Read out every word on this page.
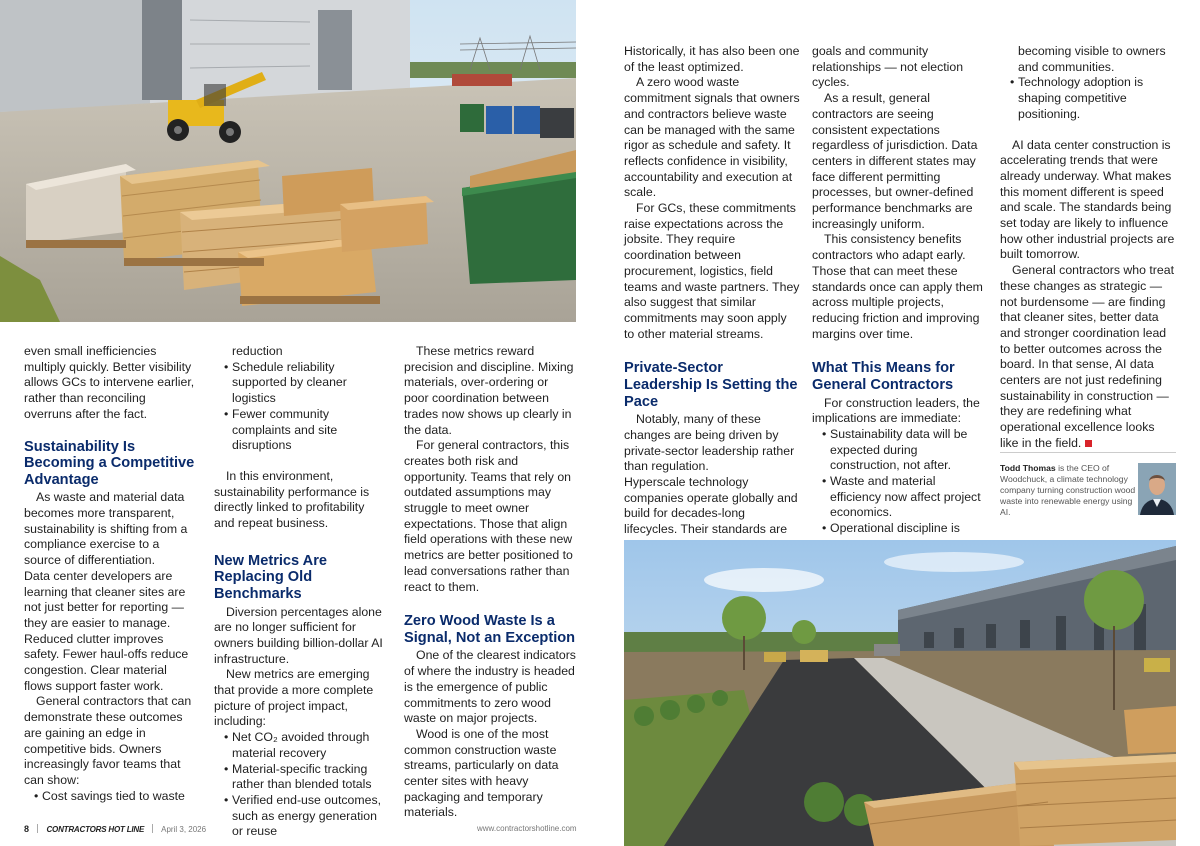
even small inefficiencies multiply quickly. Better visibility allows GCs to intervene earlier, rather than reconciling overruns after the fact.

Sustainability Is Becoming a Competitive Advantage

As waste and material data becomes more transparent, sustainability is shifting from a compliance exercise to a source of differentiation.

Data center developers are learning that cleaner sites are not just better for reporting — they are easier to manage. Reduced clutter improves safety. Fewer haul-offs reduce congestion. Clear material flows support faster work.

General contractors that can demonstrate these outcomes are gaining an edge in competitive bids. Owners increasingly favor teams that can show:

• Cost savings tied to waste
reduction
• Schedule reliability supported by cleaner logistics
• Fewer community complaints and site disruptions

In this environment, sustainability performance is directly linked to profitability and repeat business.

New Metrics Are Replacing Old Benchmarks

Diversion percentages alone are no longer sufficient for owners building billion-dollar AI infrastructure.

New metrics are emerging that provide a more complete picture of project impact, including:

• Net CO₂ avoided through material recovery
• Material-specific tracking rather than blended totals
• Verified end-use outcomes, such as energy generation or reuse

These metrics reward precision and discipline. Mixing materials, over-ordering or poor coordination between trades now shows up clearly in the data.

For general contractors, this creates both risk and opportunity. Teams that rely on outdated assumptions may struggle to meet owner expectations. Those that align field operations with these new metrics are better positioned to lead conversations rather than react to them.

Zero Wood Waste Is a Signal, Not an Exception

One of the clearest indicators of where the industry is headed is the emergence of public commitments to zero wood waste on major projects.

Wood is one of the most common construction waste streams, particularly on data center sites with heavy packaging and temporary materials.

8 CONTRACTORS HOT LINE April 3, 2026	www.contractorshotline.com

Historically, it has also been one of the least optimized.

A zero wood waste commitment signals that owners and contractors believe waste can be managed with the same rigor as schedule and safety. It reflects confidence in visibility, accountability and execution at scale.

For GCs, these commitments raise expectations across the jobsite. They require coordination between procurement, logistics, field teams and waste partners. They also suggest that similar commitments may soon apply to other material streams.

Private-Sector Leadership Is Setting the Pace

Notably, many of these changes are being driven by private-sector leadership rather than regulation.

Hyperscale technology companies operate globally and build for decades-long lifecycles. Their standards are

goals and community relationships — not election cycles.

As a result, general contractors are seeing consistent expectations regardless of jurisdiction. Data centers in different states may face different permitting processes, but owner-defined performance benchmarks are increasingly uniform.

This consistency benefits contractors who adapt early. Those that can meet these standards once can apply them across multiple projects, reducing friction and improving margins over time.

What This Means for General Contractors

For construction leaders, the implications are immediate:

• Sustainability data will be expected during construction, not after.
• Waste and material efficiency now affect project economics.
• Operational discipline is
becoming visible to owners and communities.
• Technology adoption is shaping competitive positioning.

AI data center construction is accelerating trends that were already underway. What makes this moment different is speed and scale. The standards being set today are likely to influence how other industrial projects are built tomorrow.

General contractors who treat these changes as strategic — not burdensome — are finding that cleaner sites, better data and stronger coordination lead to better outcomes across the board. In that sense, AI data centers are not just redefining sustainability in construction — they are redefining what operational excellence looks like in the field.

Todd Thomas is the CEO of Woodchuck, a climate technology company turning construction wood waste into renewable energy using AI.
